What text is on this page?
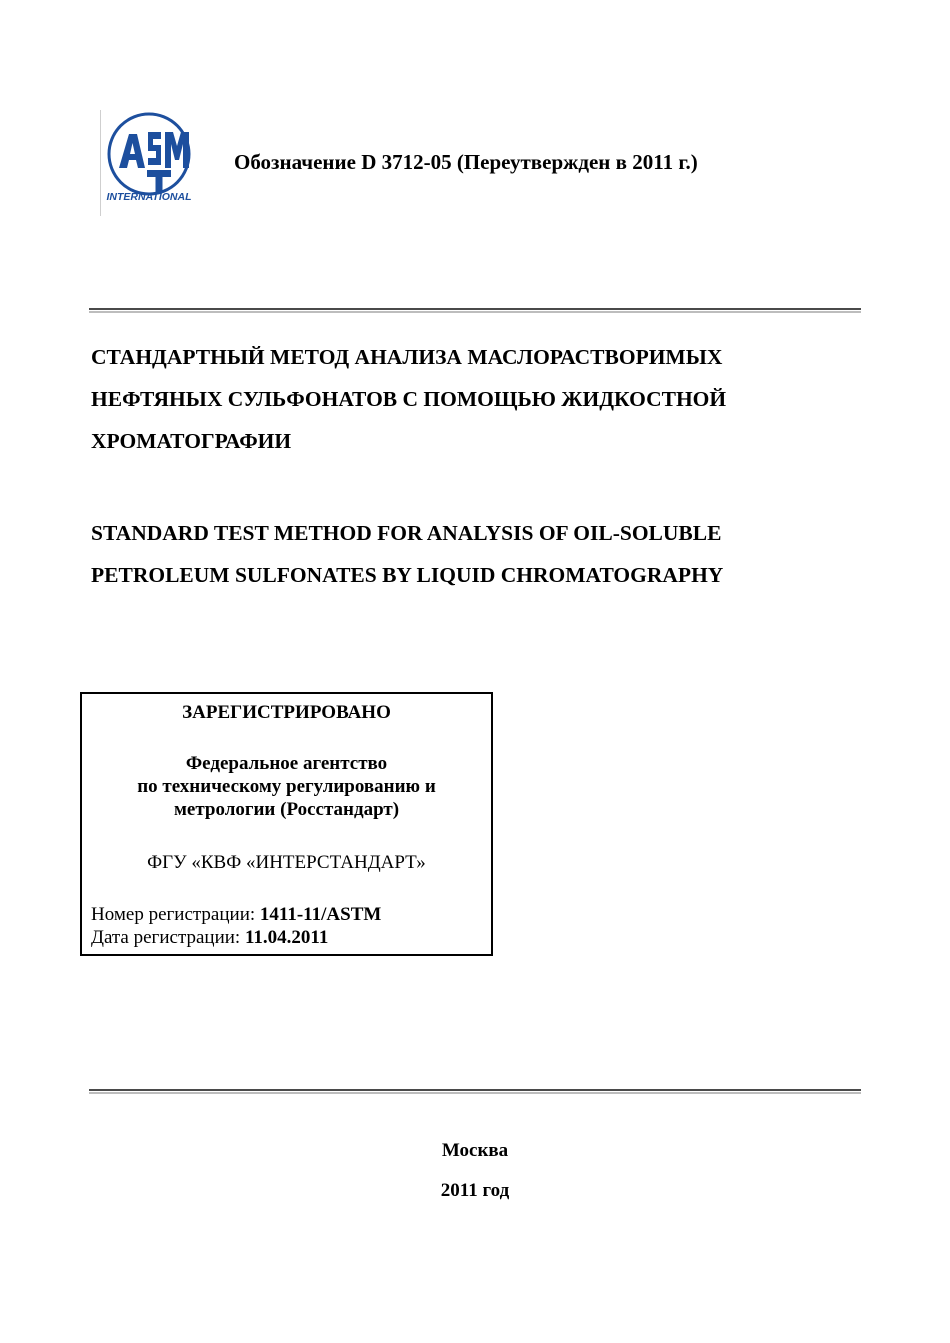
INTERNATIONAL
Обозначение D 3712-05 (Переутвержден в 2011 г.)
СТАНДАРТНЫЙ МЕТОД АНАЛИЗА МАСЛОРАСТВОРИМЫХ
НЕФТЯНЫХ СУЛЬФОНАТОВ С ПОМОЩЬЮ ЖИДКОСТНОЙ
ХРОМАТОГРАФИИ
STANDARD TEST METHOD FOR ANALYSIS OF OIL-SOLUBLE
PETROLEUM SULFONATES BY LIQUID CHROMATOGRAPHY
ЗАРЕГИСТРИРОВАНО
Федеральное агентство
по техническому регулированию и
метрологии (Росстандарт)
ФГУ «КВФ «ИНТЕРСТАНДАРТ»
Номер регистрации: 1411-11/ASTM
Дата регистрации: 11.04.2011
Москва
2011 год
